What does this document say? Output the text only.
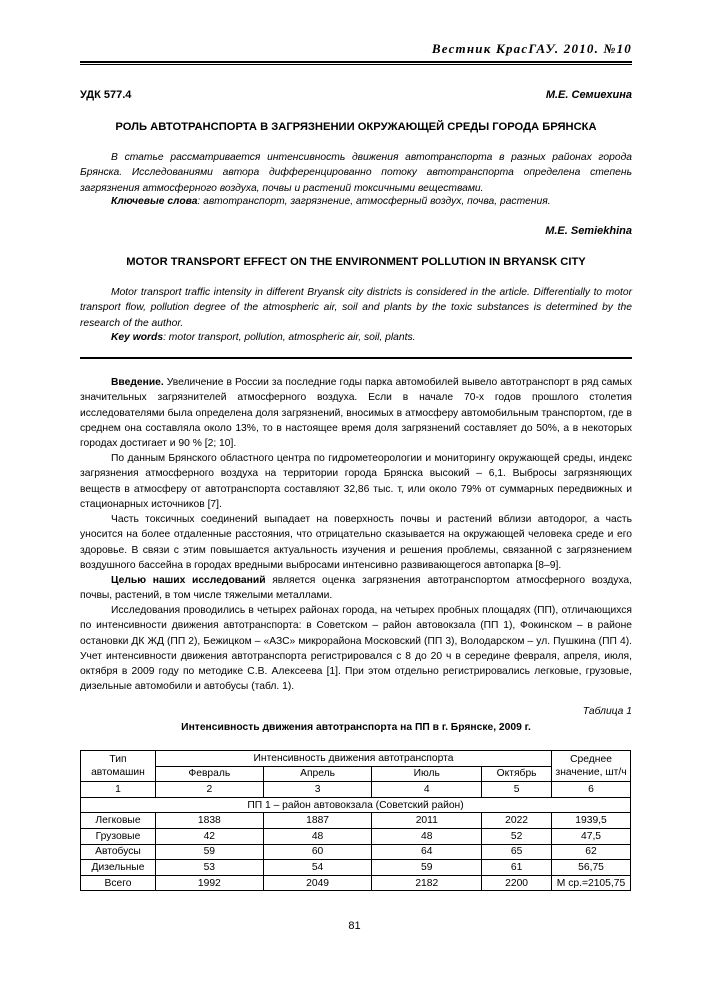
Вестник КрасГАУ. 2010. №10
УДК 577.4	М.Е. Семиехина
РОЛЬ АВТОТРАНСПОРТА В ЗАГРЯЗНЕНИИ ОКРУЖАЮЩЕЙ СРЕДЫ ГОРОДА БРЯНСКА

В статье рассматривается интенсивность движения автотранспорта в разных районах города Брянска. Исследованиями автора дифференцированно потоку автотранспорта определена степень загрязнения атмосферного воздуха, почвы и растений токсичными веществами.

Ключевые слова: автотранспорт, загрязнение, атмосферный воздух, почва, растения.

M.E. Semiekhina
MOTOR TRANSPORT EFFECT ON THE ENVIRONMENT POLLUTION IN BRYANSK CITY

Motor transport traffic intensity in different Bryansk city districts is considered in the article. Differentially to motor transport flow, pollution degree of the atmospheric air, soil and plants by the toxic substances is determined by the research of the author.

Key words: motor transport, pollution, atmospheric air, soil, plants.

Введение. Увеличение в России за последние годы парка автомобилей вывело автотранспорт в ряд самых значительных загрязнителей атмосферного воздуха. Если в начале 70-х годов прошлого столетия исследователями была определена доля загрязнений, вносимых в атмосферу автомобильным транспортом, где в среднем она составляла около 13%, то в настоящее время доля загрязнений составляет до 50%, а в некоторых городах достигает и 90 % [2; 10].

По данным Брянского областного центра по гидрометеорологии и мониторингу окружающей среды, индекс загрязнения атмосферного воздуха на территории города Брянска высокий – 6,1. Выбросы загрязняющих веществ в атмосферу от автотранспорта составляют 32,86 тыс. т, или около 79% от суммарных передвижных и стационарных источников [7].

Часть токсичных соединений выпадает на поверхность почвы и растений вблизи автодорог, а часть уносится на более отдаленные расстояния, что отрицательно сказывается на окружающей человека среде и его здоровье. В связи с этим повышается актуальность изучения и решения проблемы, связанной с загрязнением воздушного бассейна в городах вредными выбросами интенсивно развивающегося автопарка [8–9].

Целью наших исследований является оценка загрязнения автотранспортом атмосферного воздуха, почвы, растений, в том числе тяжелыми металлами.

Исследования проводились в четырех районах города, на четырех пробных площадях (ПП), отличающихся по интенсивности движения автотранспорта: в Советском – район автовокзала (ПП 1), Фокинском – в районе остановки ДК ЖД (ПП 2), Бежицком – «АЗС» микрорайона Московский (ПП 3), Володарском – ул. Пушкина (ПП 4). Учет интенсивности движения автотранспорта регистрировался с 8 до 20 ч в середине февраля, апреля, июля, октября в 2009 году по методике С.В. Алексеева [1]. При этом отдельно регистрировались легковые, грузовые, дизельные автомобили и автобусы (табл. 1).

Таблица 1
Интенсивность движения автотранспорта на ПП в г. Брянске, 2009 г.
Тип автомашин	Интенсивность движения автотранспорта				Среднее значение, шт/ч
	Февраль	Апрель	Июль	Октябрь	
1	2	3	4	5	6
ПП 1 – район автовокзала (Советский район)					
Легковые	1838	1887	2011	2022	1939,5
Грузовые	42	48	48	52	47,5
Автобусы	59	60	64	65	62
Дизельные	53	54	59	61	56,75
Всего	1992	2049	2182	2200	M ср.=2105,75
81
